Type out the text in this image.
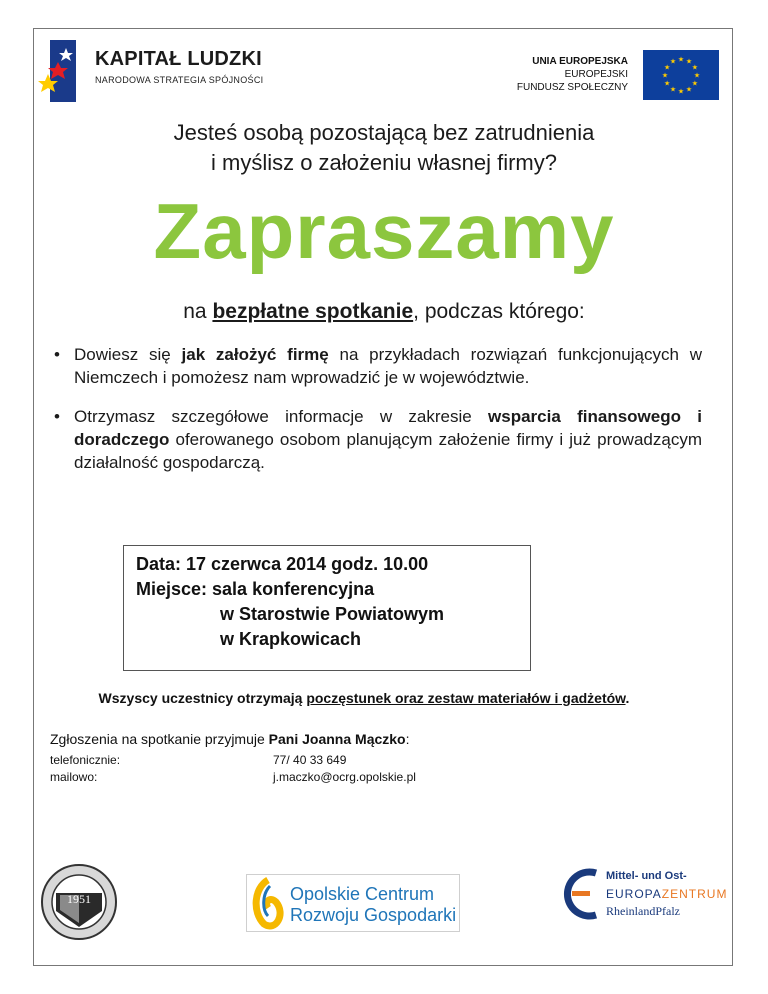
KAPITAŁ LUDZKI
NARODOWA STRATEGIA SPÓJNOŚCI
UNIA EUROPEJSKA
EUROPEJSKI
FUNDUSZ SPOŁECZNY
★
★
★
★
★
★
★
★
★ ★ ★
★
Jesteś osobą pozostającą bez zatrudnienia
i myślisz o założeniu własnej firmy?
Zapraszamy
na bezpłatne spotkanie, podczas którego:
• Dowiesz się jak założyć firmę na przykładach rozwiązań funkcjonujących w Niemczech i pomożesz nam wprowadzić je w województwie.
• Otrzymasz szczegółowe informacje w zakresie wsparcia finansowego i doradczego oferowanego osobom planującym założenie firmy i już prowadzącym działalność gospodarczą.
Data: 17 czerwca 2014 godz. 10.00
Miejsce: sala konferencyjna
w Starostwie Powiatowym
w Krapkowicach
Wszyscy uczestnicy otrzymają poczęstunek oraz zestaw materiałów i gadżetów.
Zgłoszenia na spotkanie przyjmuje Pani Joanna Mączko:
telefonicznie:	77/ 40 33 649
mailowo:	j.maczko@ocrg.opolskie.pl
1951	Opolskie Centrum
Rozwoju Gospodarki
Mittel- und Ost-
EUROPAZENTRUM
RheinlandPfalz
